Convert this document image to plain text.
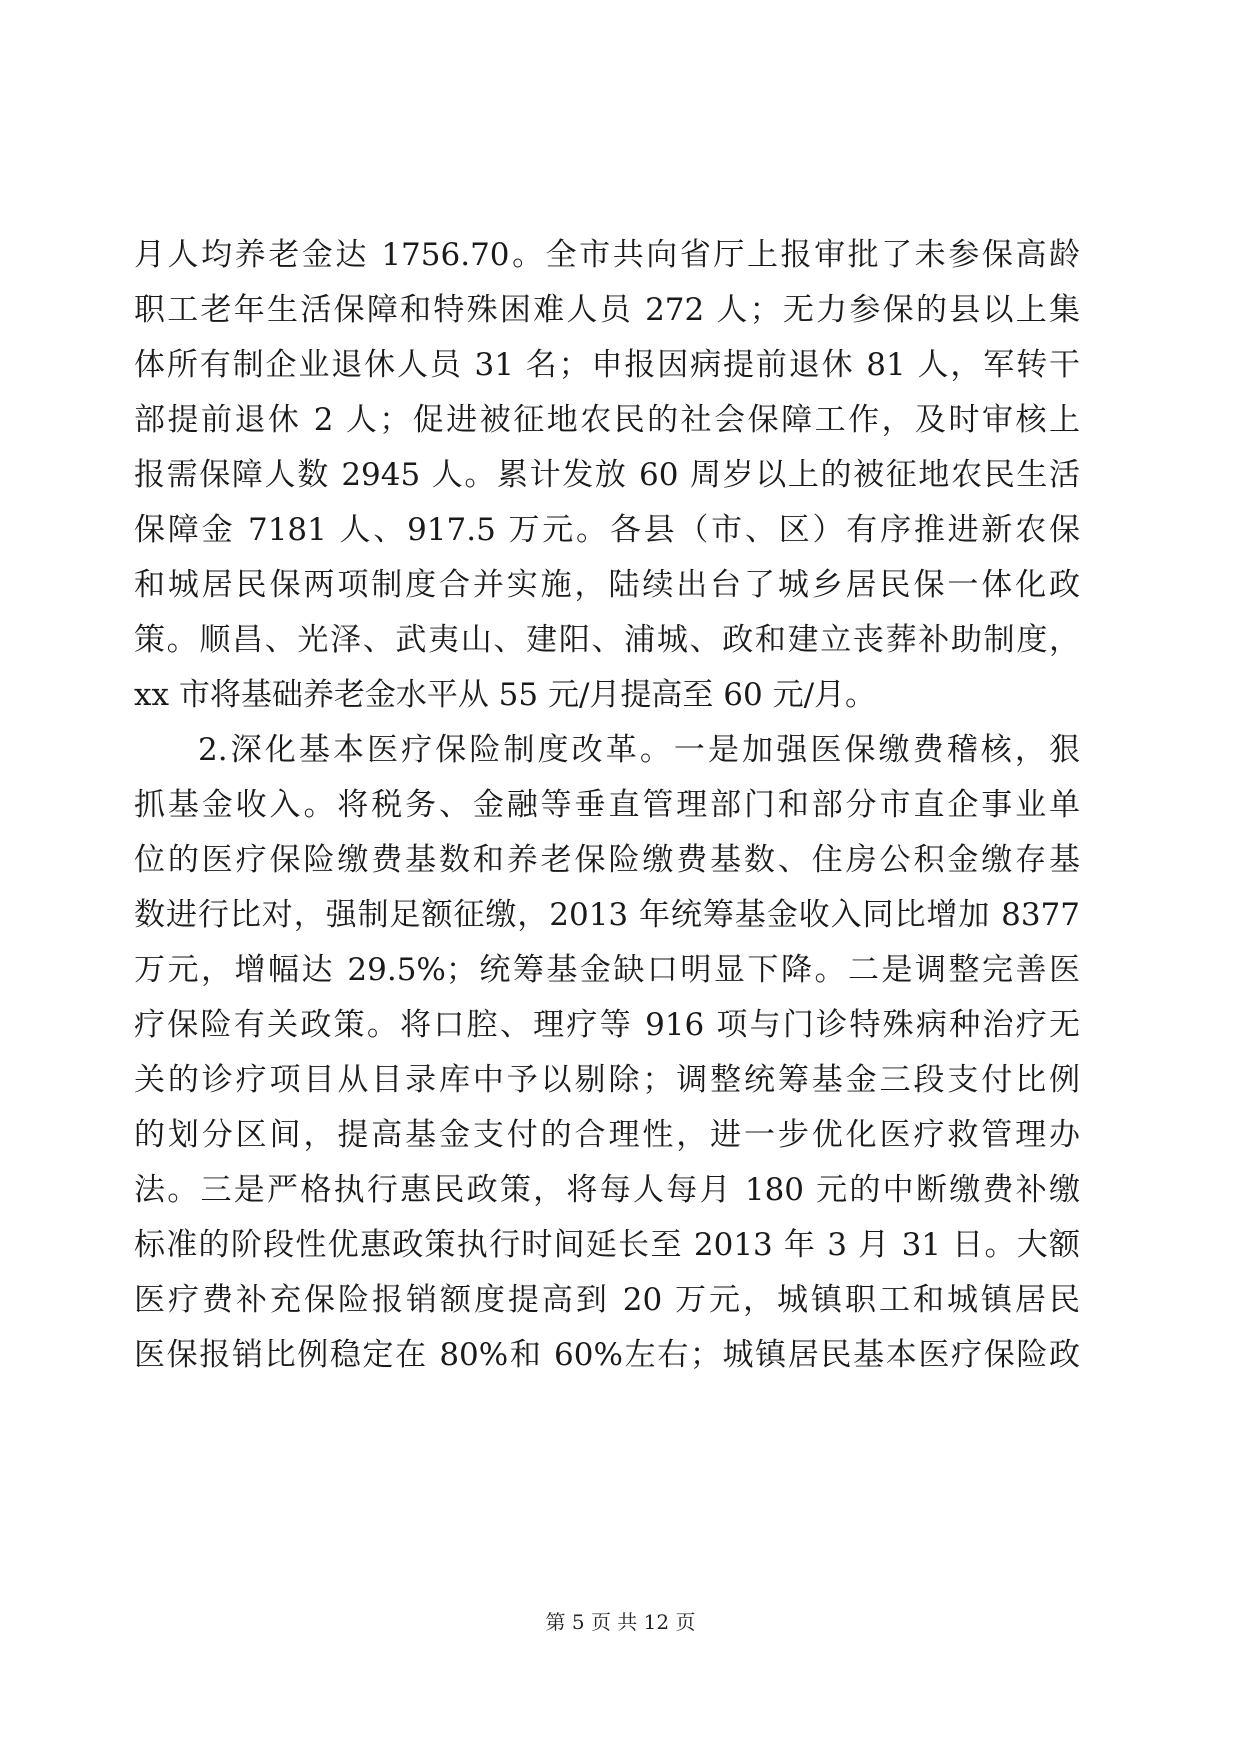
月人均养老金达 1756.70。全市共向省厅上报审批了未参保高龄
职工老年生活保障和特殊困难人员 272 人；无力参保的县以上集
体所有制企业退休人员 31 名；申报因病提前退休 81 人，军转干
部提前退休 2 人；促进被征地农民的社会保障工作，及时审核上
报需保障人数 2945 人。累计发放 60 周岁以上的被征地农民生活
保障金 7181 人、917.5 万元。各县（市、区）有序推进新农保
和城居民保两项制度合并实施，陆续出台了城乡居民保一体化政
策。顺昌、光泽、武夷山、建阳、浦城、政和建立丧葬补助制度，
xx 市将基础养老金水平从 55 元/月提高至 60 元/月。
2.深化基本医疗保险制度改革。一是加强医保缴费稽核，狠
抓基金收入。将税务、金融等垂直管理部门和部分市直企事业单
位的医疗保险缴费基数和养老保险缴费基数、住房公积金缴存基
数进行比对，强制足额征缴，2013 年统筹基金收入同比增加 8377
万元，增幅达 29.5%；统筹基金缺口明显下降。二是调整完善医
疗保险有关政策。将口腔、理疗等 916 项与门诊特殊病种治疗无
关的诊疗项目从目录库中予以剔除；调整统筹基金三段支付比例
的划分区间，提高基金支付的合理性，进一步优化医疗救管理办
法。三是严格执行惠民政策，将每人每月 180 元的中断缴费补缴
标准的阶段性优惠政策执行时间延长至 2013 年 3 月 31 日。大额
医疗费补充保险报销额度提高到 20 万元，城镇职工和城镇居民
医保报销比例稳定在 80%和 60%左右；城镇居民基本医疗保险政
第 5 页 共 12 页
